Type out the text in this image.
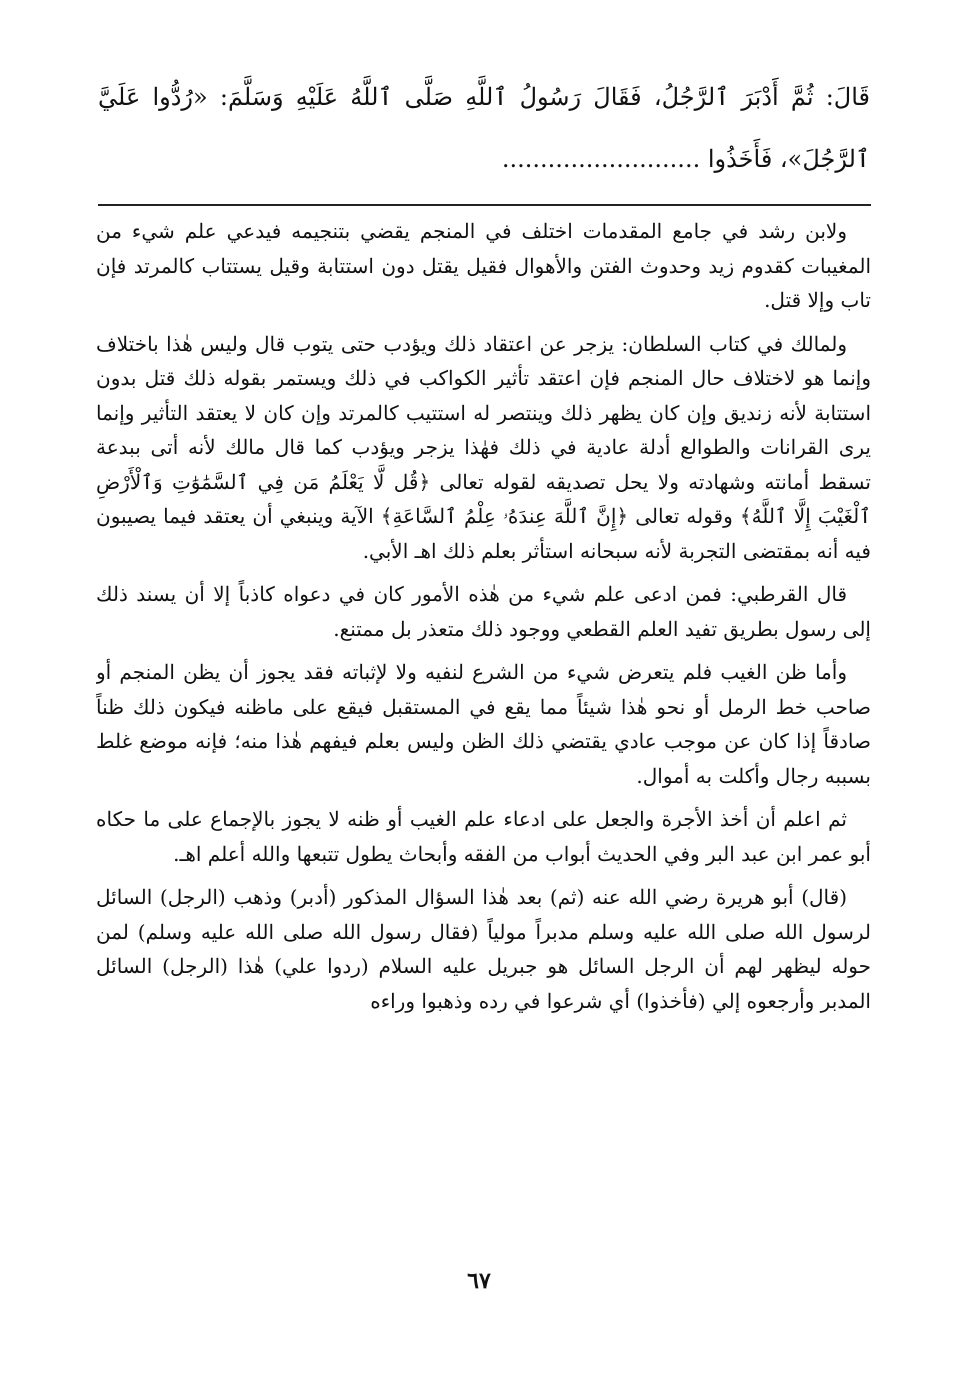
قَالَ: ثُمَّ أَدْبَرَ ٱلرَّجُلُ، فَقَالَ رَسُولُ ٱللَّهِ صَلَّى ٱللَّهُ عَلَيْهِ وَسَلَّمَ: «رُدُّوا عَلَيَّ ٱلرَّجُلَ»، فَأَخَذُوا ..........................

ولابن رشد في جامع المقدمات اختلف في المنجم يقضي بتنجيمه فيدعي علم شيء من المغيبات كقدوم زيد وحدوث الفتن والأهوال فقيل يقتل دون استتابة وقيل يستتاب كالمرتد فإن تاب وإلا قتل.

ولمالك في كتاب السلطان: يزجر عن اعتقاد ذلك ويؤدب حتى يتوب قال وليس هٰذا باختلاف وإنما هو لاختلاف حال المنجم فإن اعتقد تأثير الكواكب في ذلك ويستمر بقوله ذلك قتل بدون استتابة لأنه زنديق وإن كان يظهر ذلك وينتصر له استتيب كالمرتد وإن كان لا يعتقد التأثير وإنما يرى القرانات والطوالع أدلة عادية في ذلك فهٰذا يزجر ويؤدب كما قال مالك لأنه أتى ببدعة تسقط أمانته وشهادته ولا يحل تصديقه لقوله تعالى ﴿قُل لَّا يَعْلَمُ مَن فِي ٱلسَّمَٰوَٰتِ وَٱلْأَرْضِ ٱلْغَيْبَ إِلَّا ٱللَّهُ﴾ وقوله تعالى ﴿إِنَّ ٱللَّهَ عِندَهُۥ عِلْمُ ٱلسَّاعَةِ﴾ الآية وينبغي أن يعتقد فيما يصيبون فيه أنه بمقتضى التجربة لأنه سبحانه استأثر بعلم ذلك اهـ الأبي.

قال القرطبي: فمن ادعى علم شيء من هٰذه الأمور كان في دعواه كاذباً إلا أن يسند ذلك إلى رسول بطريق تفيد العلم القطعي ووجود ذلك متعذر بل ممتنع.

وأما ظن الغيب فلم يتعرض شيء من الشرع لنفيه ولا لإثباته فقد يجوز أن يظن المنجم أو صاحب خط الرمل أو نحو هٰذا شيئاً مما يقع في المستقبل فيقع على ماظنه فيكون ذلك ظناً صادقاً إذا كان عن موجب عادي يقتضي ذلك الظن وليس بعلم فيفهم هٰذا منه؛ فإنه موضع غلط بسببه رجال وأكلت به أموال.

ثم اعلم أن أخذ الأجرة والجعل على ادعاء علم الغيب أو ظنه لا يجوز بالإجماع على ما حكاه أبو عمر ابن عبد البر وفي الحديث أبواب من الفقه وأبحاث يطول تتبعها والله أعلم اهـ.

(قال) أبو هريرة رضي الله عنه (ثم) بعد هٰذا السؤال المذكور (أدبر) وذهب (الرجل) السائل لرسول الله صلى الله عليه وسلم مدبراً مولياً (فقال رسول الله صلى الله عليه وسلم) لمن حوله ليظهر لهم أن الرجل السائل هو جبريل عليه السلام (ردوا علي) هٰذا (الرجل) السائل المدبر وأرجعوه إلي (فأخذوا) أي شرعوا في رده وذهبوا وراءه

٦٧
